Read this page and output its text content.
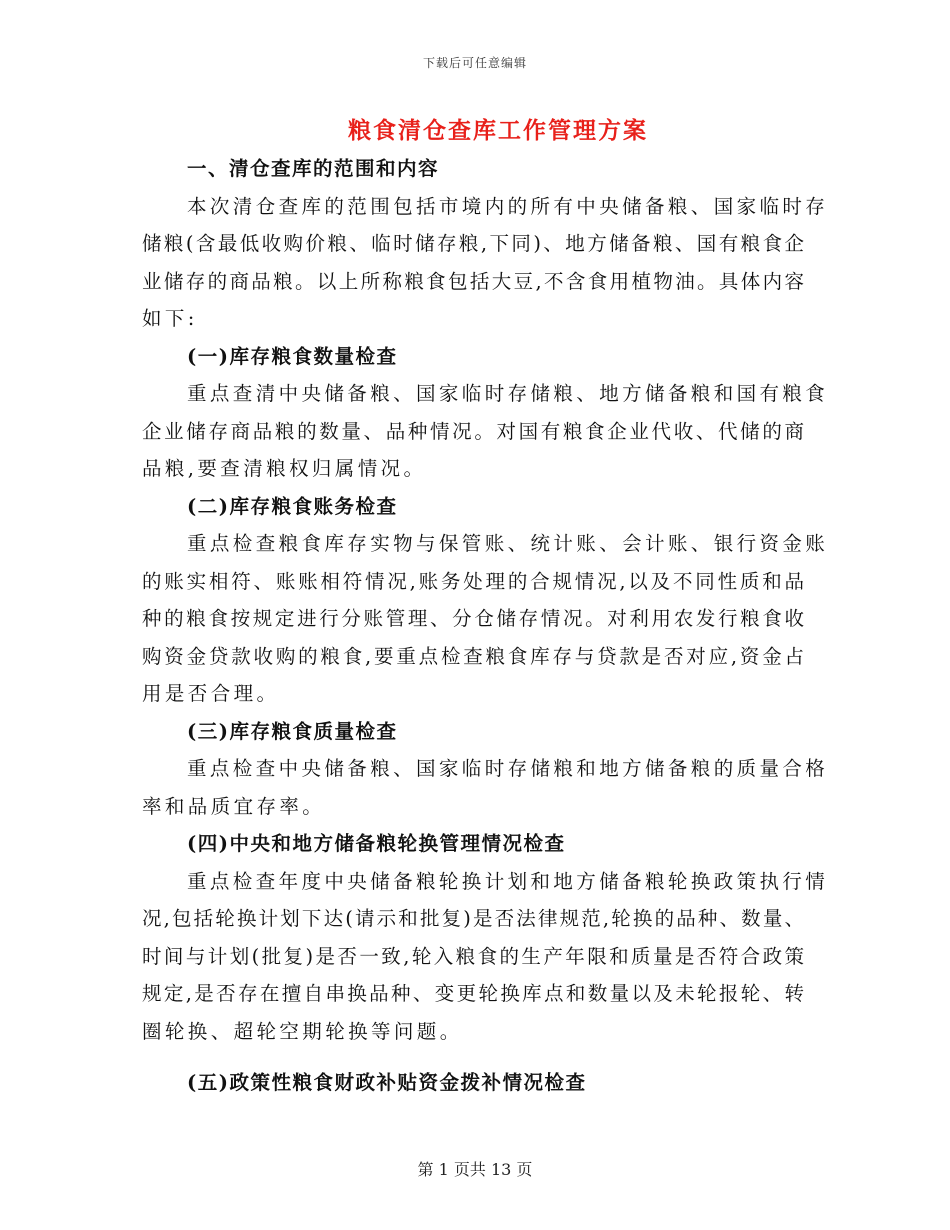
下载后可任意编辑
粮食清仓查库工作管理方案
一、清仓查库的范围和内容
本次清仓查库的范围包括市境内的所有中央储备粮、国家临时存
储粮(含最低收购价粮、临时储存粮,下同)、地方储备粮、国有粮食企
业储存的商品粮。以上所称粮食包括大豆,不含食用植物油。具体内容
如下:
(一)库存粮食数量检查
重点查清中央储备粮、国家临时存储粮、地方储备粮和国有粮食
企业储存商品粮的数量、品种情况。对国有粮食企业代收、代储的商
品粮,要查清粮权归属情况。
(二)库存粮食账务检查
重点检查粮食库存实物与保管账、统计账、会计账、银行资金账
的账实相符、账账相符情况,账务处理的合规情况,以及不同性质和品
种的粮食按规定进行分账管理、分仓储存情况。对利用农发行粮食收
购资金贷款收购的粮食,要重点检查粮食库存与贷款是否对应,资金占
用是否合理。
(三)库存粮食质量检查
重点检查中央储备粮、国家临时存储粮和地方储备粮的质量合格
率和品质宜存率。
(四)中央和地方储备粮轮换管理情况检查
重点检查年度中央储备粮轮换计划和地方储备粮轮换政策执行情
况,包括轮换计划下达(请示和批复)是否法律规范,轮换的品种、数量、
时间与计划(批复)是否一致,轮入粮食的生产年限和质量是否符合政策
规定,是否存在擅自串换品种、变更轮换库点和数量以及未轮报轮、转
圈轮换、超轮空期轮换等问题。
(五)政策性粮食财政补贴资金拨补情况检查
第 1 页共 13 页
